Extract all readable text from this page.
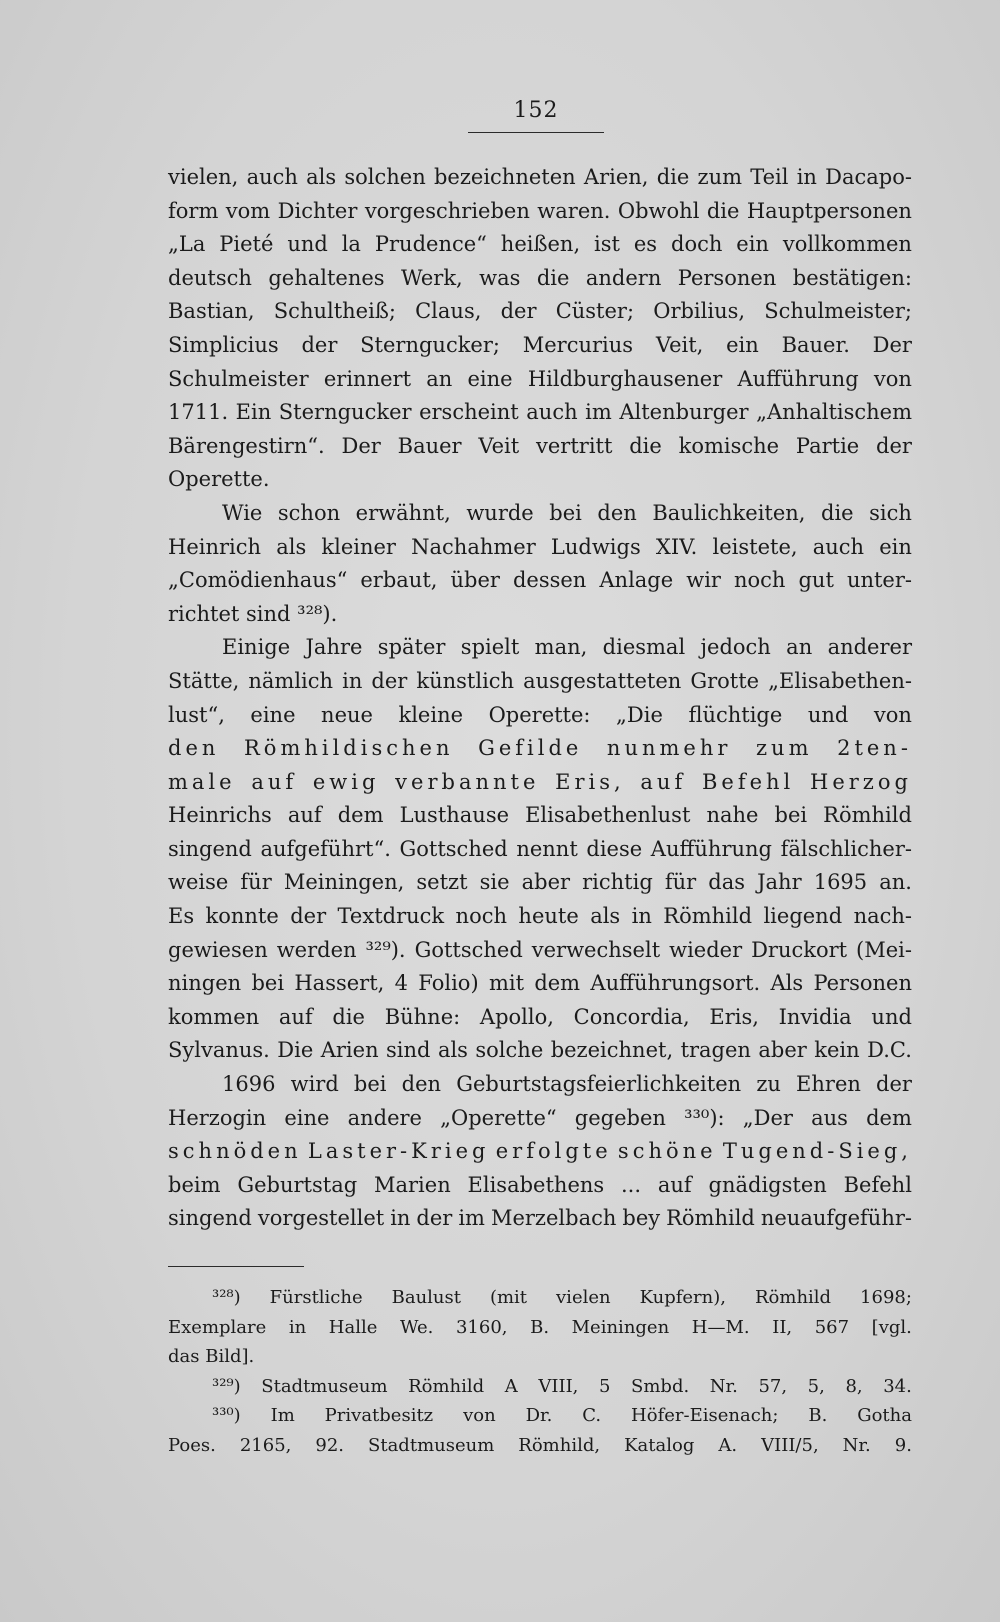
152
vielen, auch als solchen bezeichneten Arien, die zum Teil in Dacapo-
form vom Dichter vorgeschrieben waren. Obwohl die Hauptpersonen
„La Pieté und la Prudence“ heißen, ist es doch ein vollkommen
deutsch gehaltenes Werk, was die andern Personen bestätigen:
Bastian, Schultheiß; Claus, der Cüster; Orbilius, Schulmeister;
Simplicius der Sterngucker; Mercurius Veit, ein Bauer. Der
Schulmeister erinnert an eine Hildburghausener Aufführung von
1711. Ein Sterngucker erscheint auch im Altenburger „Anhaltischem
Bärengestirn“. Der Bauer Veit vertritt die komische Partie der
Operette.
Wie schon erwähnt, wurde bei den Baulichkeiten, die sich
Heinrich als kleiner Nachahmer Ludwigs XIV. leistete, auch ein
„Comödienhaus“ erbaut, über dessen Anlage wir noch gut unter-
richtet sind ³²⁸).
Einige Jahre später spielt man, diesmal jedoch an anderer
Stätte, nämlich in der künstlich ausgestatteten Grotte „Elisabethen-
lust“, eine neue kleine Operette: „Die flüchtige und von
den Römhildischen Gefilde nunmehr zum 2ten-
male auf ewig verbannte Eris, auf Befehl Herzog
Heinrichs auf dem Lusthause Elisabethenlust nahe bei Römhild
singend aufgeführt“. Gottsched nennt diese Aufführung fälschlicher-
weise für Meiningen, setzt sie aber richtig für das Jahr 1695 an.
Es konnte der Textdruck noch heute als in Römhild liegend nach-
gewiesen werden ³²⁹). Gottsched verwechselt wieder Druckort (Mei-
ningen bei Hassert, 4 Folio) mit dem Aufführungsort. Als Personen
kommen auf die Bühne: Apollo, Concordia, Eris, Invidia und
Sylvanus. Die Arien sind als solche bezeichnet, tragen aber kein D.C.
1696 wird bei den Geburtstagsfeierlichkeiten zu Ehren der
Herzogin eine andere „Operette“ gegeben ³³⁰): „Der aus dem
schnöden Laster-Krieg erfolgte schöne Tugend-Sieg,
beim Geburtstag Marien Elisabethens ... auf gnädigsten Befehl
singend vorgestellet in der im Merzelbach bey Römhild neuaufgeführ-
³²⁸) Fürstliche Baulust (mit vielen Kupfern), Römhild 1698;
Exemplare in Halle We. 3160, B. Meiningen H—M. II, 567 [vgl.
das Bild].
³²⁹) Stadtmuseum Römhild A VIII, 5 Smbd. Nr. 57, 5, 8, 34.
³³⁰) Im Privatbesitz von Dr. C. Höfer-Eisenach; B. Gotha
Poes. 2165, 92. Stadtmuseum Römhild, Katalog A. VIII/5, Nr. 9.
